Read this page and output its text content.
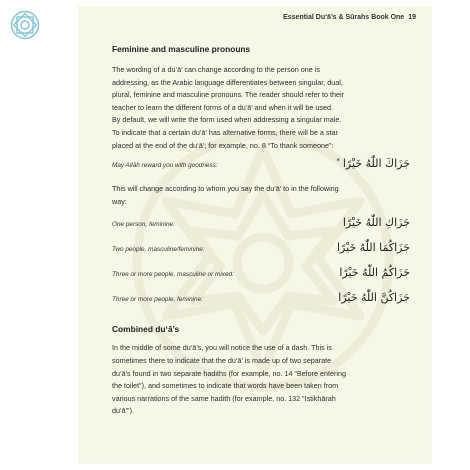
Essential Du‘ā’s & Sūrahs Book One 19
Feminine and masculine pronouns

The wording of a du‘ā’ can change according to the person one is

addressing, as the Arabic language differentiates between singular, dual,

plural, feminine and masculine pronouns. The reader should refer to their

teacher to learn the different forms of a du‘ā’ and when it will be used.

By default, we will write the form used when addressing a singular male.

To indicate that a certain du‘ā’ has alternative forms, there will be a star

placed at the end of the du‘ā’; for example, no. 8 “To thank someone”:

May Allāh reward you with goodness:	جَزَاكَ اللّٰهُ خَيْرًا*

This will change according to whom you say the du‘ā’ to in the following

way:

One person, feminine:	جَزَاكِ اللّٰهُ خَيْرًا
Two people, masculine/feminine:	جَزَاكُمَا اللّٰهُ خَيْرًا
Three or more people, masculine or mixed:	جَزَاكُمُ اللّٰهُ خَيْرًا
Three or more people, feminine:	جَزَاكُنَّ اللّٰهُ خَيْرًا
Combined du‘ā’s

In the middle of some du‘ā’s, you will notice the use of a dash. This is

sometimes there to indicate that the du‘ā’ is made up of two separate

du‘ā’s found in two separate hadiths (for example, no. 14 “Before entering

the toilet”), and sometimes to indicate that words have been taken from

various narrations of the same hadith (for example, no. 132 “Istikhārah

du‘ā’”).
